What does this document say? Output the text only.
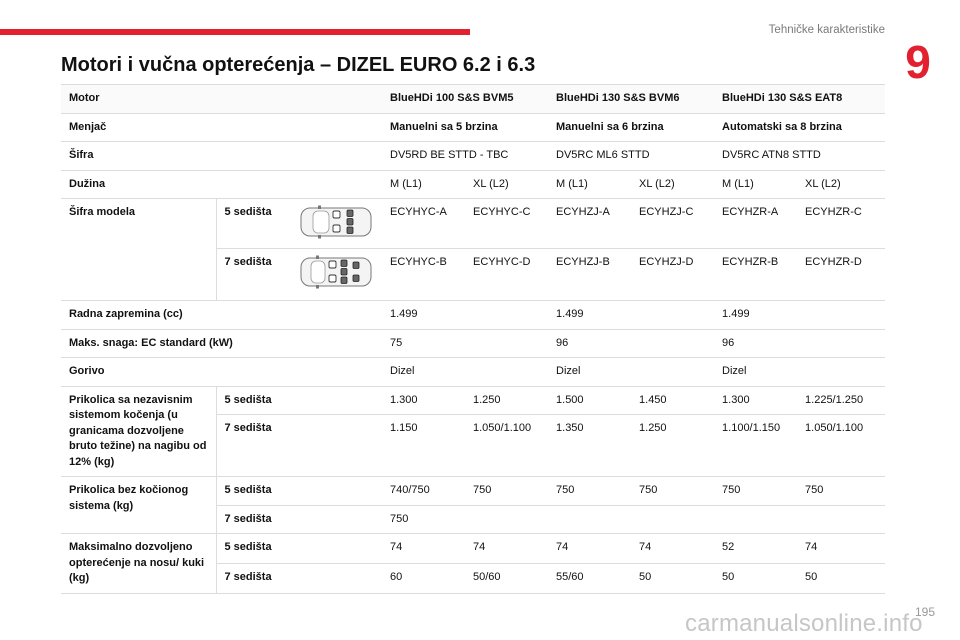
Tehničke karakteristike
9
Motori i vučna opterećenja – DIZEL EURO 6.2 i 6.3
Motor			BlueHDi 100 S&S BVM5		BlueHDi 130 S&S BVM6		BlueHDi 130 S&S EAT8	
Menjač			Manuelni sa 5 brzina		Manuelni sa 6 brzina		Automatski sa 8 brzina	
Šifra			DV5RD BE STTD - TBC		DV5RC ML6 STTD		DV5RC ATN8 STTD	
Dužina			M (L1)	XL (L2)	M (L1)	XL (L2)	M (L1)	XL (L2)
Šifra modela	5 sedišta		ECYHYC-A	ECYHYC-C	ECYHZJ-A	ECYHZJ-C	ECYHZR-A	ECYHZR-C
	7 sedišta		ECYHYC-B	ECYHYC-D	ECYHZJ-B	ECYHZJ-D	ECYHZR-B	ECYHZR-D
Radna zapremina (cc)			1.499		1.499		1.499	
Maks. snaga: EC standard (kW)			75		96		96	
Gorivo			Dizel		Dizel		Dizel	
Prikolica sa nezavisnim sistemom kočenja (u granicama dozvoljene bruto težine) na nagibu od 12% (kg)	5 sedišta		1.300	1.250	1.500	1.450	1.300	1.225/1.250
	7 sedišta		1.150	1.050/1.100	1.350	1.250	1.100/1.150	1.050/1.100
Prikolica bez kočionog sistema (kg)	5 sedišta		740/750	750	750	750	750	750
	7 sedišta		750					
Maksimalno dozvoljeno opterećenje na nosu/ kuki (kg)	5 sedišta		74	74	74	74	52	74
	7 sedišta		60	50/60	55/60	50	50	50
195
carmanualsonline.info
